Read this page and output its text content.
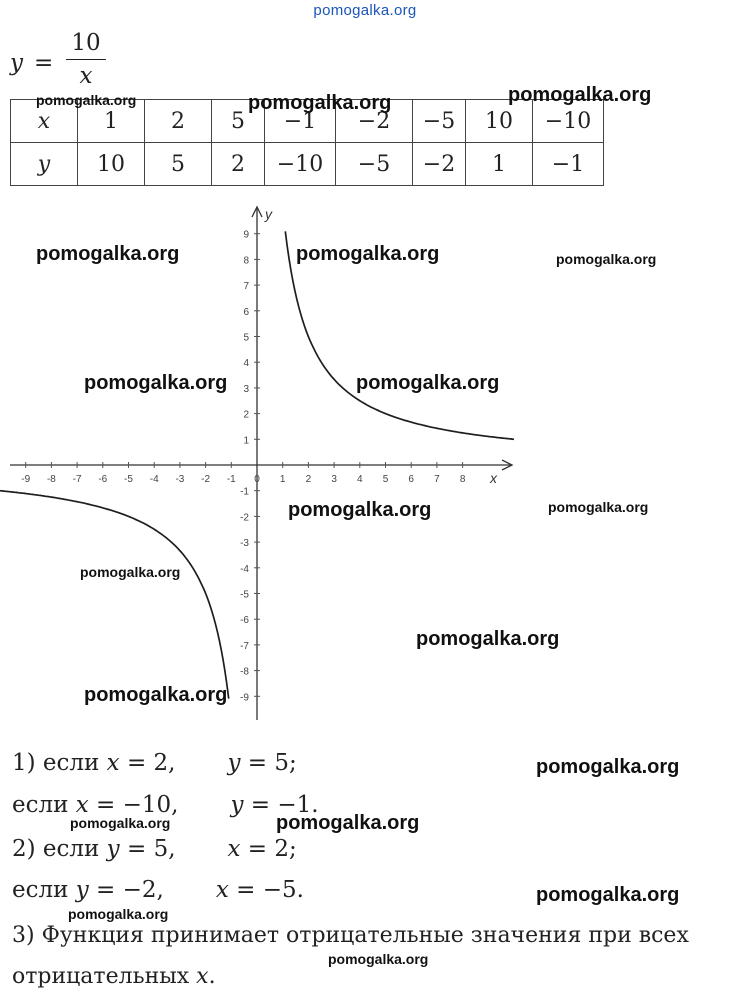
pomogalka.org
y =
10
x
x	1	2	5	−1	−2	−5	10	−10
y	10	5	2	−10	−5	−2	1	−1
x
y
-9 -8 -7 -6 -5 -4 -3 -2 -1 0 1 2 3 4 5 6 7 8
9
8
7
6
5
4
3
2
1
-1
-2
-3
-4
-5
-6
-7
-8
-9
1) если x = 2, y = 5;
если x = −10, y = −1.
2) если y = 5, x = 2;
если y = −2, x = −5.
3) Функция принимает отрицательные значения при всех
отрицательных x.
pomogalka.org	pomogalka.org	pomogalka.org
pomogalka.org	pomogalka.org	pomogalka.org
pomogalka.org	pomogalka.org
pomogalka.org	pomogalka.org
pomogalka.org
pomogalka.org
pomogalka.org
pomogalka.org
pomogalka.org	pomogalka.org
pomogalka.org
pomogalka.org
pomogalka.org
